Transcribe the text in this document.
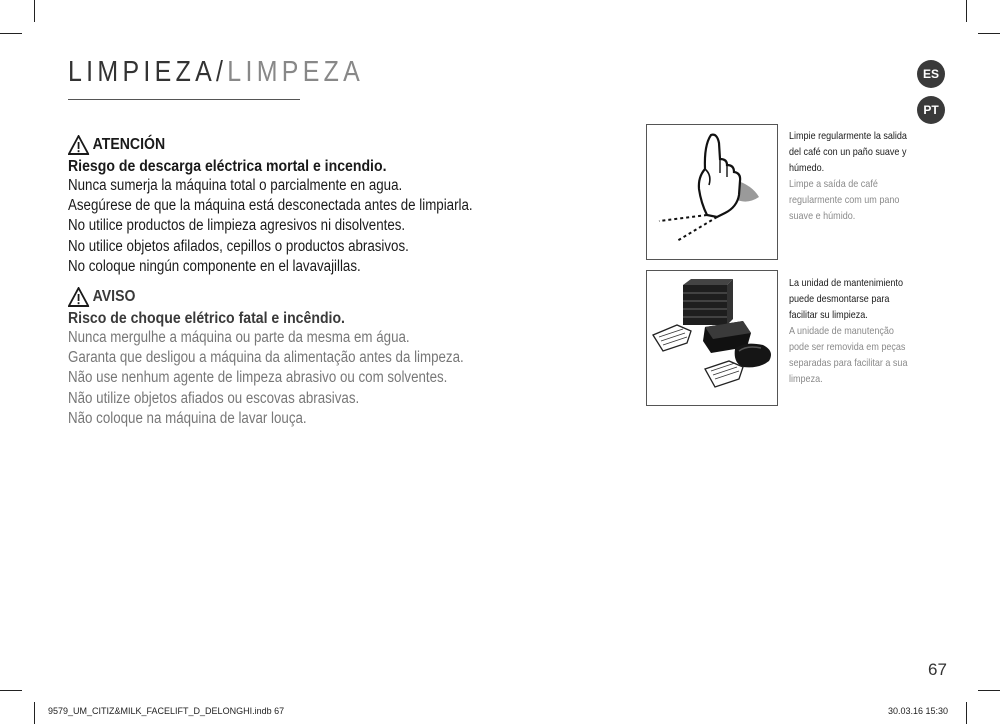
LIMPIEZA/LIMPEZA	ES
PT
ATENCIÓN
Riesgo de descarga eléctrica mortal e incendio.
Nunca sumerja la máquina total o parcialmente en agua.
Asegúrese de que la máquina está desconectada antes de limpiarla.
No utilice productos de limpieza agresivos ni disolventes.
No utilice objetos afilados, cepillos o productos abrasivos.
No coloque ningún componente en el lavavajillas.
AVISO
Risco de choque elétrico fatal e incêndio.
Nunca mergulhe a máquina ou parte da mesma em água.
Garanta que desligou a máquina da alimentação antes da limpeza.
Não use nenhum agente de limpeza abrasivo ou com solventes.
Não utilize objetos afiados ou escovas abrasivas.
Não coloque na máquina de lavar louça.
Limpie regularmente la salida
del café con un paño suave y
húmedo.
Limpe a saída de café
regularmente com um pano
suave e húmido.
La unidad de mantenimiento
puede desmontarse para
facilitar su limpieza.
A unidade de manutenção
pode ser removida em peças
separadas para facilitar a sua
limpeza.
67
9579_UM_CITIZ&MILK_FACELIFT_D_DELONGHI.indb 67	30.03.16 15:30
